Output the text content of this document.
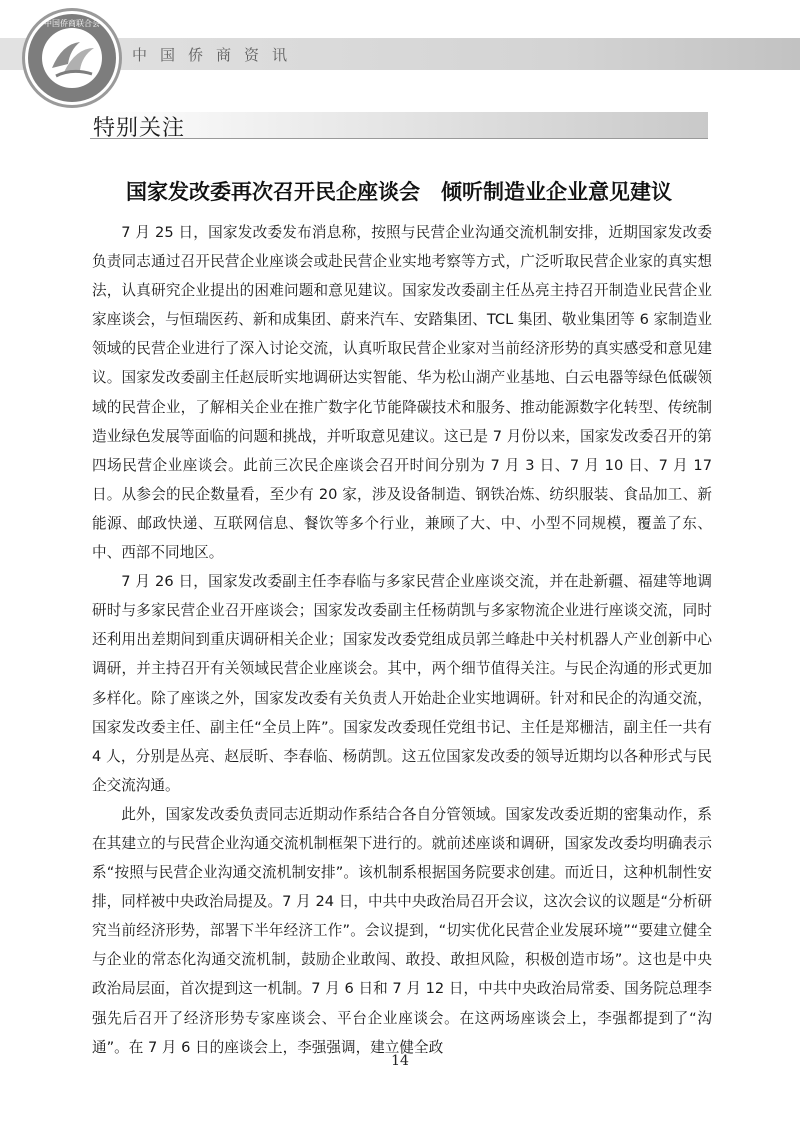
中国侨商联合会
中国侨商资讯
特别关注
国家发改委再次召开民企座谈会　倾听制造业企业意见建议

7 月 25 日，国家发改委发布消息称，按照与民营企业沟通交流机制安排，近期国家发改委负责同志通过召开民营企业座谈会或赴民营企业实地考察等方式，广泛听取民营企业家的真实想法，认真研究企业提出的困难问题和意见建议。国家发改委副主任丛亮主持召开制造业民营企业家座谈会，与恒瑞医药、新和成集团、蔚来汽车、安踏集团、TCL 集团、敬业集团等 6 家制造业领域的民营企业进行了深入讨论交流，认真听取民营企业家对当前经济形势的真实感受和意见建议。国家发改委副主任赵辰昕实地调研达实智能、华为松山湖产业基地、白云电器等绿色低碳领域的民营企业，了解相关企业在推广数字化节能降碳技术和服务、推动能源数字化转型、传统制造业绿色发展等面临的问题和挑战，并听取意见建议。这已是 7 月份以来，国家发改委召开的第四场民营企业座谈会。此前三次民企座谈会召开时间分别为 7 月 3 日、7 月 10 日、7 月 17 日。从参会的民企数量看，至少有 20 家，涉及设备制造、钢铁冶炼、纺织服装、食品加工、新能源、邮政快递、互联网信息、餐饮等多个行业，兼顾了大、中、小型不同规模，覆盖了东、中、西部不同地区。

7 月 26 日，国家发改委副主任李春临与多家民营企业座谈交流，并在赴新疆、福建等地调研时与多家民营企业召开座谈会；国家发改委副主任杨荫凯与多家物流企业进行座谈交流，同时还利用出差期间到重庆调研相关企业；国家发改委党组成员郭兰峰赴中关村机器人产业创新中心调研，并主持召开有关领域民营企业座谈会。其中，两个细节值得关注。与民企沟通的形式更加多样化。除了座谈之外，国家发改委有关负责人开始赴企业实地调研。针对和民企的沟通交流，国家发改委主任、副主任“全员上阵”。国家发改委现任党组书记、主任是郑栅洁，副主任一共有 4 人，分别是丛亮、赵辰昕、李春临、杨荫凯。这五位国家发改委的领导近期均以各种形式与民企交流沟通。

此外，国家发改委负责同志近期动作系结合各自分管领域。国家发改委近期的密集动作，系在其建立的与民营企业沟通交流机制框架下进行的。就前述座谈和调研，国家发改委均明确表示系“按照与民营企业沟通交流机制安排”。该机制系根据国务院要求创建。而近日，这种机制性安排，同样被中央政治局提及。7 月 24 日，中共中央政治局召开会议，这次会议的议题是“分析研究当前经济形势，部署下半年经济工作”。会议提到，“切实优化民营企业发展环境”“要建立健全与企业的常态化沟通交流机制，鼓励企业敢闯、敢投、敢担风险，积极创造市场”。这也是中央政治局层面，首次提到这一机制。7 月 6 日和 7 月 12 日，中共中央政治局常委、国务院总理李强先后召开了经济形势专家座谈会、平台企业座谈会。在这两场座谈会上，李强都提到了“沟通”。在 7 月 6 日的座谈会上，李强强调，建立健全政

14
